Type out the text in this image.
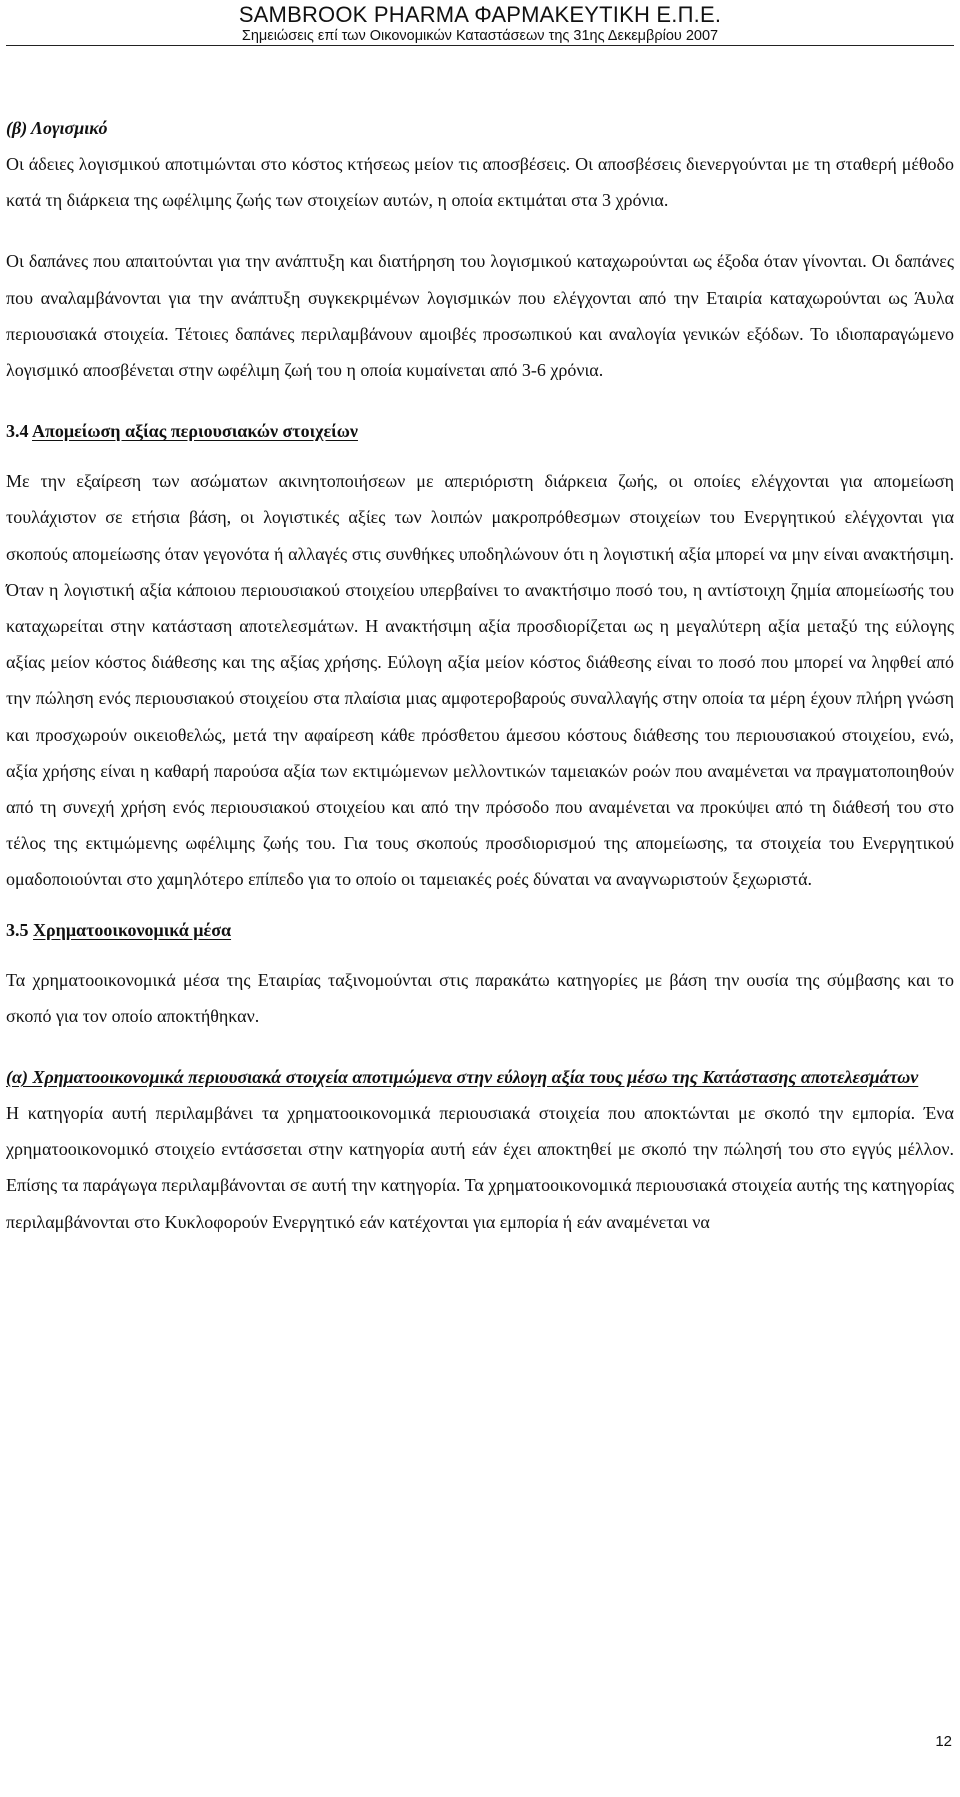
SAMBROOK PHARMA ΦΑΡΜΑΚΕΥΤΙΚΗ Ε.Π.Ε.
Σημειώσεις επί των Οικονομικών Καταστάσεων της 31ης Δεκεμβρίου 2007

(β) Λογισμικό

Οι άδειες λογισμικού αποτιμώνται στο κόστος κτήσεως μείον τις αποσβέσεις. Οι αποσβέσεις διενεργούνται με τη σταθερή μέθοδο κατά τη διάρκεια της ωφέλιμης ζωής των στοιχείων αυτών, η οποία εκτιμάται στα 3 χρόνια.

Οι δαπάνες που απαιτούνται για την ανάπτυξη και διατήρηση του λογισμικού καταχωρούνται ως έξοδα όταν γίνονται. Οι δαπάνες που αναλαμβάνονται για την ανάπτυξη συγκεκριμένων λογισμικών που ελέγχονται από την Εταιρία καταχωρούνται ως Άυλα περιουσιακά στοιχεία. Τέτοιες δαπάνες περιλαμβάνουν αμοιβές προσωπικού και αναλογία γενικών εξόδων. Το ιδιοπαραγώμενο λογισμικό αποσβένεται στην ωφέλιμη ζωή του η οποία κυμαίνεται από 3-6 χρόνια.

3.4 Απομείωση αξίας περιουσιακών στοιχείων

Με την εξαίρεση των ασώματων ακινητοποιήσεων με απεριόριστη διάρκεια ζωής, οι οποίες ελέγχονται για απομείωση τουλάχιστον σε ετήσια βάση, οι λογιστικές αξίες των λοιπών μακροπρόθεσμων στοιχείων του Ενεργητικού ελέγχονται για σκοπούς απομείωσης όταν γεγονότα ή αλλαγές στις συνθήκες υποδηλώνουν ότι η λογιστική αξία μπορεί να μην είναι ανακτήσιμη. Όταν η λογιστική αξία κάποιου περιουσιακού στοιχείου υπερβαίνει το ανακτήσιμο ποσό του, η αντίστοιχη ζημία απομείωσής του καταχωρείται στην κατάσταση αποτελεσμάτων. Η ανακτήσιμη αξία προσδιορίζεται ως η μεγαλύτερη αξία μεταξύ της εύλογης αξίας μείον κόστος διάθεσης και της αξίας χρήσης. Εύλογη αξία μείον κόστος διάθεσης είναι το ποσό που μπορεί να ληφθεί από την πώληση ενός περιουσιακού στοιχείου στα πλαίσια μιας αμφοτεροβαρούς συναλλαγής στην οποία τα μέρη έχουν πλήρη γνώση και προσχωρούν οικειοθελώς, μετά την αφαίρεση κάθε πρόσθετου άμεσου κόστους διάθεσης του περιουσιακού στοιχείου, ενώ, αξία χρήσης είναι η καθαρή παρούσα αξία των εκτιμώμενων μελλοντικών ταμειακών ροών που αναμένεται να πραγματοποιηθούν από τη συνεχή χρήση ενός περιουσιακού στοιχείου και από την πρόσοδο που αναμένεται να προκύψει από τη διάθεσή του στο τέλος της εκτιμώμενης ωφέλιμης ζωής του. Για τους σκοπούς προσδιορισμού της απομείωσης, τα στοιχεία του Ενεργητικού ομαδοποιούνται στο χαμηλότερο επίπεδο για το οποίο οι ταμειακές ροές δύναται να αναγνωριστούν ξεχωριστά.

3.5 Χρηματοοικονομικά μέσα

Τα χρηματοοικονομικά μέσα της Εταιρίας ταξινομούνται στις παρακάτω κατηγορίες με βάση την ουσία της σύμβασης και το σκοπό για τον οποίο αποκτήθηκαν.

(α) Χρηματοοικονομικά περιουσιακά στοιχεία αποτιμώμενα στην εύλογη αξία τους μέσω της Κατάστασης αποτελεσμάτων

Η κατηγορία αυτή περιλαμβάνει τα χρηματοοικονομικά περιουσιακά στοιχεία που αποκτώνται με σκοπό την εμπορία. Ένα χρηματοοικονομικό στοιχείο εντάσσεται στην κατηγορία αυτή εάν έχει αποκτηθεί με σκοπό την πώλησή του στο εγγύς μέλλον. Επίσης τα παράγωγα περιλαμβάνονται σε αυτή την κατηγορία. Τα χρηματοοικονομικά περιουσιακά στοιχεία αυτής της κατηγορίας περιλαμβάνονται στο Κυκλοφορούν Ενεργητικό εάν κατέχονται για εμπορία ή εάν αναμένεται να

12
